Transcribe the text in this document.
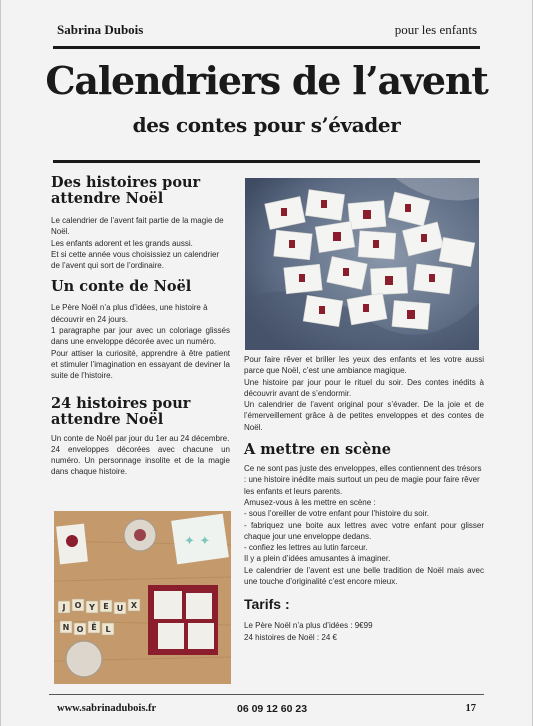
Sabrina Dubois	pour les enfants
Calendriers de l’avent
des contes pour s’évader
Des histoires pour attendre Noël

Le calendrier de l’avent fait partie de la magie de Noël.

Les enfants adorent et les grands aussi.

Et si cette année vous choisissiez un calendrier de l’avent qui sort de l’ordinaire.

Un conte de Noël

Le Père Noël n’a plus d’idées, une histoire à découvrir en 24 jours.

1 paragraphe par jour avec un coloriage glissés dans une enveloppe décorée avec un numéro.

Pour attiser la curiosité, apprendre à être patient et stimuler l’imagination en essayant de deviner la suite de l’histoire.

24 histoires pour attendre Noël

Un conte de Noël par jour du 1er au 24 décembre.

24 enveloppes décorées avec chacune un numéro. Un personnage insolite et de la magie dans chaque histoire.

Pour faire rêver et briller les yeux des enfants et les votre aussi parce que Noël, c’est une ambiance magique.

Une histoire par jour pour le rituel du soir. Des contes inédits à découvrir avant de s’endormir.

Un calendrier de l’avent original pour s’évader. De la joie et de l’émerveillement grâce à de petites enveloppes et des contes de Noël.

A mettre en scène

Ce ne sont pas juste des enveloppes, elles contiennent des trésors : une histoire inédite mais surtout un peu de magie pour faire rêver les enfants et leurs parents.

Amusez-vous à les mettre en scène :

- sous l’oreiller de votre enfant pour l’histoire du soir.

- fabriquez une boite aux lettres avec votre enfant pour glisser chaque jour une enveloppe dedans.

- confiez les lettres au lutin farceur.

Il y a plein d’idées amusantes à imaginer.

Le calendrier de l’avent est une belle tradition de Noël mais avec une touche d’originalité c’est encore mieux.

Tarifs :

Le Père Noël n’a plus d’idées : 9€99

24 histoires de Noël : 24 €

✦ ✦
J O Y E U X
N O Ë L
www.sabrinadubois.fr	06 09 12 60 23	17
